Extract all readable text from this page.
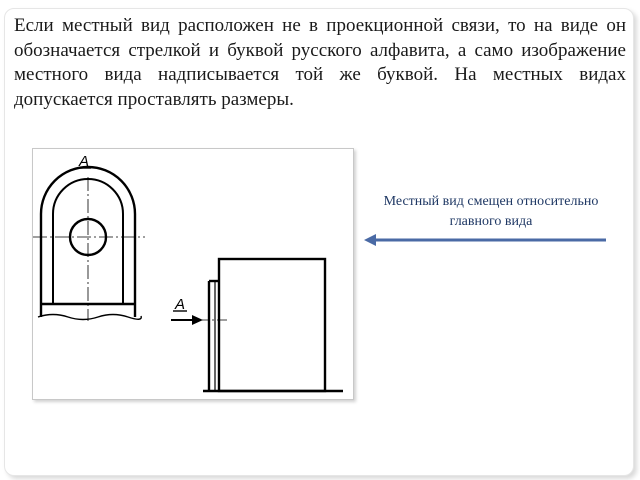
Если местный вид расположен не в проекционной связи, то на виде он обозначается стрелкой и буквой русского алфавита, а само изображение местного вида надписывается той же буквой. На местных видах допускается проставлять размеры.

А
А

Местный вид смещен относительно главного вида
